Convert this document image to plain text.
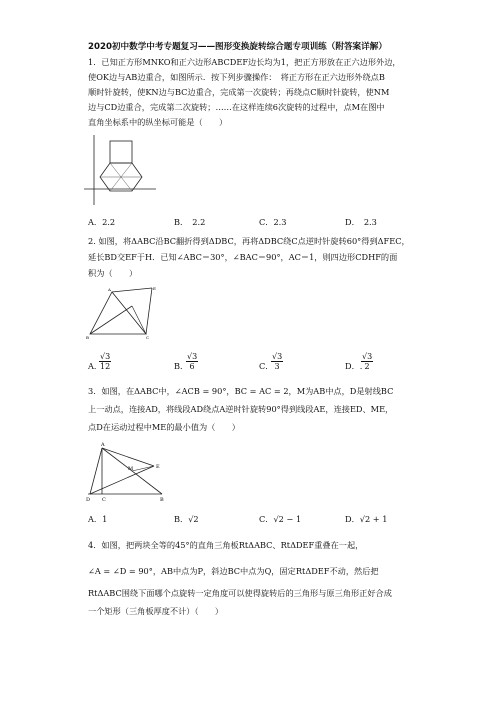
2020初中数学中考专题复习——图形变换旋转综合题专项训练（附答案详解）
1．已知正方形MNKO和正六边形ABCDEF边长均为1，把正方形放在正六边形外边，
使OK边与AB边重合，如图所示．按下列步骤操作：　将正方形在正六边形外绕点B
顺时针旋转，使KN边与BC边重合，完成第一次旋转；再绕点C顺时针旋转，使NM
边与CD边重合，完成第二次旋转；……在这样连续6次旋转的过程中，点M在图中
直角坐标系中的纵坐标可能是（　　）
A．2.2	B．　2.2	C．2.3	D．　2.3
2. 如图，将ΔABC沿BC翻折得到ΔDBC，再将ΔDBC绕C点逆时针旋转60°得到ΔFEC，
延长BD交EF于H．已知∠ABC＝30°，∠BAC＝90°，AC＝1，则四边形CDHF的面
积为（　　）
B	C
A	E
A．
$\frac{√3}{12}$	B．
$\frac{√3}{6}$	C．
$\frac{√3}{3}$	D．.
$\frac{√3}{2}$
3．如图，在ΔABC中，∠ACB = 90°，BC = AC = 2，M为AB中点，D是射线BC
上一动点，连接AD，将线段AD绕点A逆时针旋转90°得到线段AE，连接ED、ME，
点D在运动过程中ME的最小值为（　　）
A
M	E
D C	B
A．1	B．√2	C．√2 − 1	D．√2 + 1
4．如图，把两块全等的45°的直角三角板RtΔABC、RtΔDEF重叠在一起，
∠A = ∠D = 90°，AB中点为P，斜边BC中点为Q，固定RtΔDEF不动，然后把
RtΔABC围绕下面哪个点旋转一定角度可以使得旋转后的三角形与原三角形正好合成
一个矩形（三角板厚度不计）（　　）
